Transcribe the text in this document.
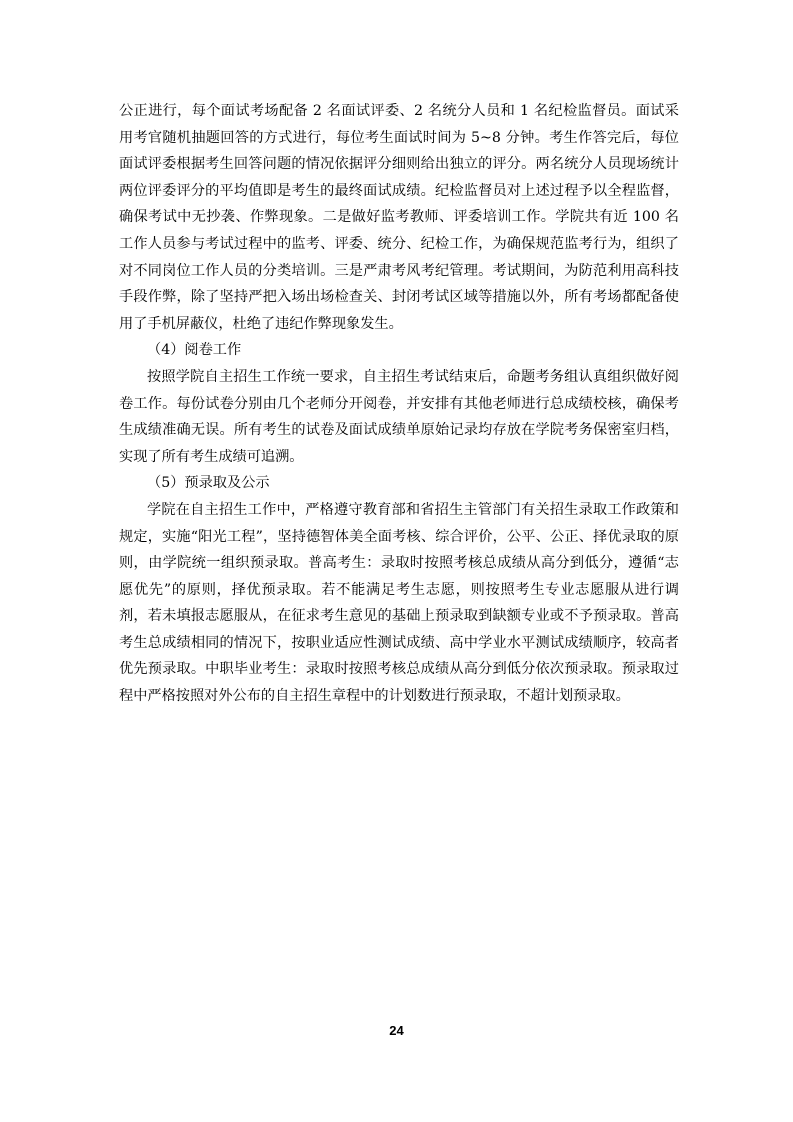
公正进行，每个面试考场配备 2 名面试评委、2 名统分人员和 1 名纪检监督员。面试采用考官随机抽题回答的方式进行，每位考生面试时间为 5~8 分钟。考生作答完后，每位面试评委根据考生回答问题的情况依据评分细则给出独立的评分。两名统分人员现场统计两位评委评分的平均值即是考生的最终面试成绩。纪检监督员对上述过程予以全程监督，确保考试中无抄袭、作弊现象。二是做好监考教师、评委培训工作。学院共有近 100 名工作人员参与考试过程中的监考、评委、统分、纪检工作，为确保规范监考行为，组织了对不同岗位工作人员的分类培训。三是严肃考风考纪管理。考试期间，为防范利用高科技手段作弊，除了坚持严把入场出场检查关、封闭考试区域等措施以外，所有考场都配备使用了手机屏蔽仪，杜绝了违纪作弊现象发生。

（4）阅卷工作

按照学院自主招生工作统一要求，自主招生考试结束后，命题考务组认真组织做好阅卷工作。每份试卷分别由几个老师分开阅卷，并安排有其他老师进行总成绩校核，确保考生成绩准确无误。所有考生的试卷及面试成绩单原始记录均存放在学院考务保密室归档，实现了所有考生成绩可追溯。

（5）预录取及公示

学院在自主招生工作中，严格遵守教育部和省招生主管部门有关招生录取工作政策和规定，实施“阳光工程”，坚持德智体美全面考核、综合评价，公平、公正、择优录取的原则，由学院统一组织预录取。普高考生：录取时按照考核总成绩从高分到低分，遵循“志愿优先”的原则，择优预录取。若不能满足考生志愿，则按照考生专业志愿服从进行调剂，若未填报志愿服从，在征求考生意见的基础上预录取到缺额专业或不予预录取。普高考生总成绩相同的情况下，按职业适应性测试成绩、高中学业水平测试成绩顺序，较高者优先预录取。中职毕业考生：录取时按照考核总成绩从高分到低分依次预录取。预录取过程中严格按照对外公布的自主招生章程中的计划数进行预录取，不超计划预录取。

24
